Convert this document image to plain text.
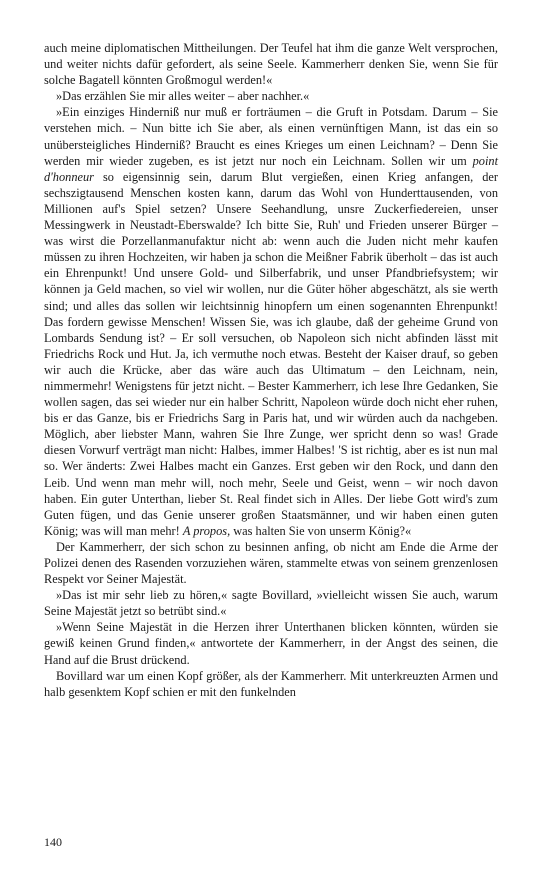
auch meine diplomatischen Mittheilungen. Der Teufel hat ihm die ganze Welt versprochen, und weiter nichts dafür gefordert, als seine Seele. Kammerherr denken Sie, wenn Sie für solche Bagatell könnten Großmogul werden!«

»Das erzählen Sie mir alles weiter – aber nachher.«

»Ein einziges Hinderniß nur muß er forträumen – die Gruft in Potsdam. Darum – Sie verstehen mich. – Nun bitte ich Sie aber, als einen vernünftigen Mann, ist das ein so unübersteigliches Hinderniß? Braucht es eines Krieges um einen Leichnam? – Denn Sie werden mir wieder zugeben, es ist jetzt nur noch ein Leichnam. Sollen wir um point d'honneur so eigensinnig sein, darum Blut vergießen, einen Krieg anfangen, der sechszigtausend Menschen kosten kann, darum das Wohl von Hunderttausenden, von Millionen auf's Spiel setzen? Unsere Seehandlung, unsre Zuckerfiedereien, unser Messingwerk in Neustadt-Eberswalde? Ich bitte Sie, Ruh' und Frieden unserer Bürger – was wirst die Porzellanmanufaktur nicht ab: wenn auch die Juden nicht mehr kaufen müssen zu ihren Hochzeiten, wir haben ja schon die Meißner Fabrik überholt – das ist auch ein Ehrenpunkt! Und unsere Gold- und Silberfabrik, und unser Pfandbriefsystem; wir können ja Geld machen, so viel wir wollen, nur die Güter höher abgeschätzt, als sie werth sind; und alles das sollen wir leichtsinnig hinopfern um einen sogenannten Ehrenpunkt! Das fordern gewisse Menschen! Wissen Sie, was ich glaube, daß der geheime Grund von Lombards Sendung ist? – Er soll versuchen, ob Napoleon sich nicht abfinden lässt mit Friedrichs Rock und Hut. Ja, ich vermuthe noch etwas. Besteht der Kaiser drauf, so geben wir auch die Krücke, aber das wäre auch das Ultimatum – den Leichnam, nein, nimmermehr! Wenigstens für jetzt nicht. – Bester Kammerherr, ich lese Ihre Gedanken, Sie wollen sagen, das sei wieder nur ein halber Schritt, Napoleon würde doch nicht eher ruhen, bis er das Ganze, bis er Friedrichs Sarg in Paris hat, und wir würden auch da nachgeben. Möglich, aber liebster Mann, wahren Sie Ihre Zunge, wer spricht denn so was! Grade diesen Vorwurf verträgt man nicht: Halbes, immer Halbes! 'S ist richtig, aber es ist nun mal so. Wer änderts: Zwei Halbes macht ein Ganzes. Erst geben wir den Rock, und dann den Leib. Und wenn man mehr will, noch mehr, Seele und Geist, wenn – wir noch davon haben. Ein guter Unterthan, lieber St. Real findet sich in Alles. Der liebe Gott wird's zum Guten fügen, und das Genie unserer großen Staatsmänner, und wir haben einen guten König; was will man mehr! A propos, was halten Sie von unserm König?«

Der Kammerherr, der sich schon zu besinnen anfing, ob nicht am Ende die Arme der Polizei denen des Rasenden vorzuziehen wären, stammelte etwas von seinem grenzenlosen Respekt vor Seiner Majestät.

»Das ist mir sehr lieb zu hören,« sagte Bovillard, »vielleicht wissen Sie auch, warum Seine Majestät jetzt so betrübt sind.«

»Wenn Seine Majestät in die Herzen ihrer Unterthanen blicken könnten, würden sie gewiß keinen Grund finden,« antwortete der Kammerherr, in der Angst des seinen, die Hand auf die Brust drückend.

Bovillard war um einen Kopf größer, als der Kammerherr. Mit unterkreuzten Armen und halb gesenktem Kopf schien er mit den funkelnden

140
